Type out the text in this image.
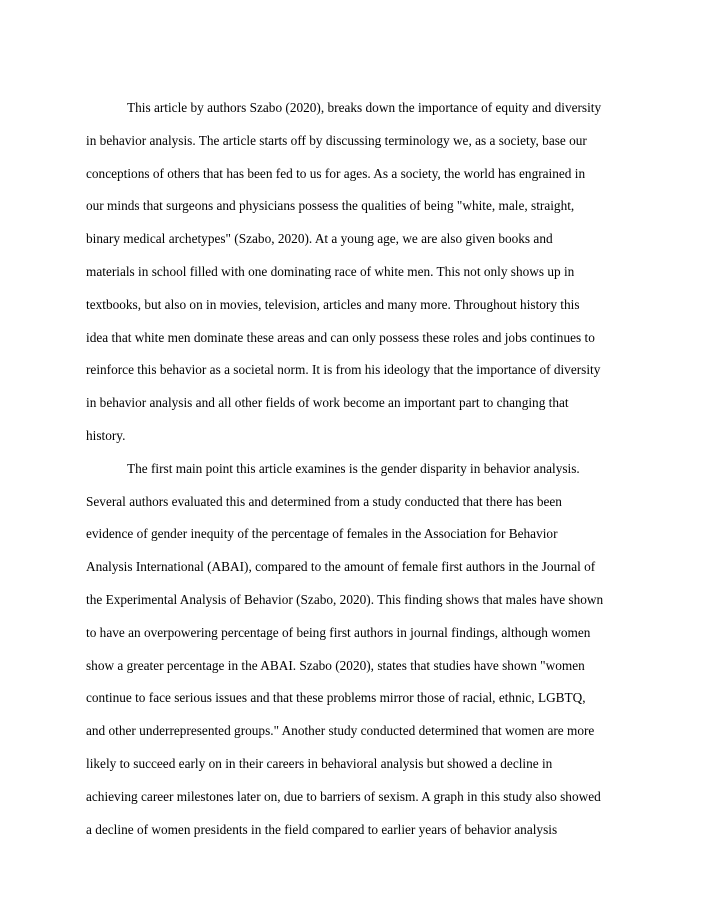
This article by authors Szabo (2020), breaks down the importance of equity and diversity
in behavior analysis. The article starts off by discussing terminology we, as a society, base our
conceptions of others that has been fed to us for ages. As a society, the world has engrained in
our minds that surgeons and physicians possess the qualities of being "white, male, straight,
binary medical archetypes" (Szabo, 2020). At a young age, we are also given books and
materials in school filled with one dominating race of white men. This not only shows up in
textbooks, but also on in movies, television, articles and many more. Throughout history this
idea that white men dominate these areas and can only possess these roles and jobs continues to
reinforce this behavior as a societal norm. It is from his ideology that the importance of diversity
in behavior analysis and all other fields of work become an important part to changing that
history.
The first main point this article examines is the gender disparity in behavior analysis.
Several authors evaluated this and determined from a study conducted that there has been
evidence of gender inequity of the percentage of females in the Association for Behavior
Analysis International (ABAI), compared to the amount of female first authors in the Journal of
the Experimental Analysis of Behavior (Szabo, 2020). This finding shows that males have shown
to have an overpowering percentage of being first authors in journal findings, although women
show a greater percentage in the ABAI. Szabo (2020), states that studies have shown "women
continue to face serious issues and that these problems mirror those of racial, ethnic, LGBTQ,
and other underrepresented groups." Another study conducted determined that women are more
likely to succeed early on in their careers in behavioral analysis but showed a decline in
achieving career milestones later on, due to barriers of sexism. A graph in this study also showed
a decline of women presidents in the field compared to earlier years of behavior analysis
